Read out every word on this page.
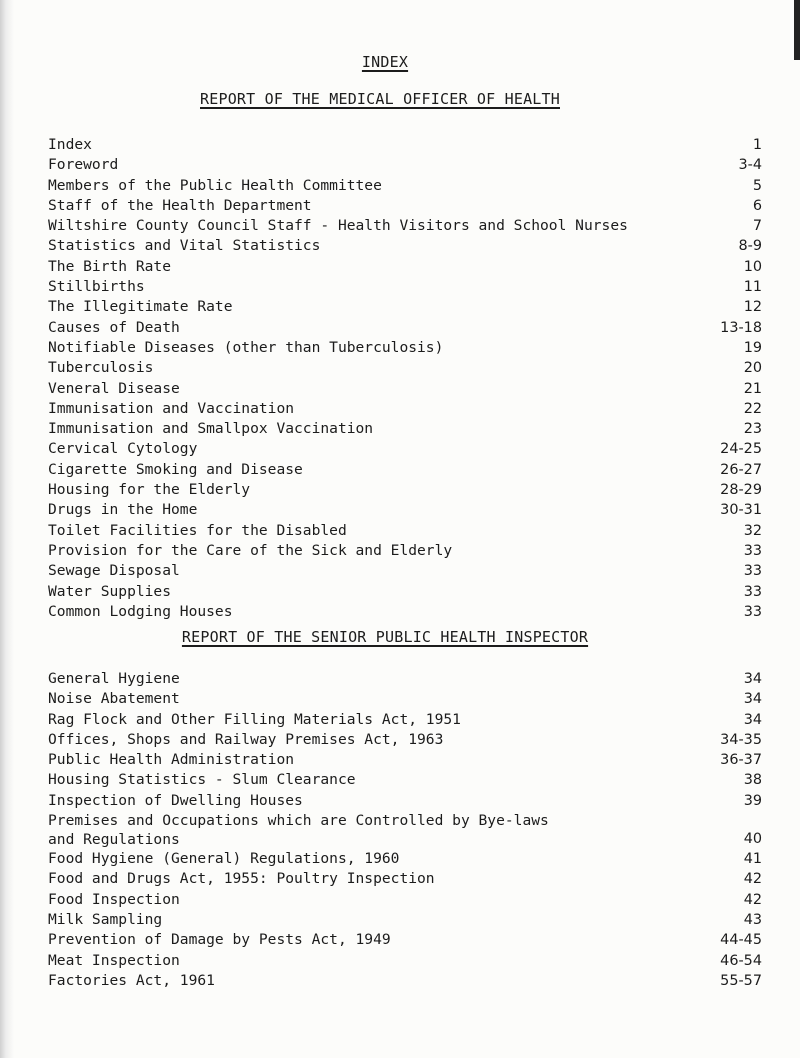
INDEX
REPORT OF THE MEDICAL OFFICER OF HEALTH
Index	1
Foreword	3-4
Members of the Public Health Committee	5
Staff of the Health Department	6
Wiltshire County Council Staff - Health Visitors and School Nurses	7
Statistics and Vital Statistics	8-9
The Birth Rate	10
Stillbirths	11
The Illegitimate Rate	12
Causes of Death	13-18
Notifiable Diseases (other than Tuberculosis)	19
Tuberculosis	20
Veneral Disease	21
Immunisation and Vaccination	22
Immunisation and Smallpox Vaccination	23
Cervical Cytology	24-25
Cigarette Smoking and Disease	26-27
Housing for the Elderly	28-29
Drugs in the Home	30-31
Toilet Facilities for the Disabled	32
Provision for the Care of the Sick and Elderly	33
Sewage Disposal	33
Water Supplies	33
Common Lodging Houses	33
REPORT OF THE SENIOR PUBLIC HEALTH INSPECTOR
General Hygiene	34
Noise Abatement	34
Rag Flock and Other Filling Materials Act, 1951	34
Offices, Shops and Railway Premises Act, 1963	34-35
Public Health Administration	36-37
Housing Statistics - Slum Clearance	38
Inspection of Dwelling Houses	39
Premises and Occupations which are Controlled by Bye-laws
and Regulations	40
Food Hygiene (General) Regulations, 1960	41
Food and Drugs Act, 1955: Poultry Inspection	42
Food Inspection	42
Milk Sampling	43
Prevention of Damage by Pests Act, 1949	44-45
Meat Inspection	46-54
Factories Act, 1961	55-57
